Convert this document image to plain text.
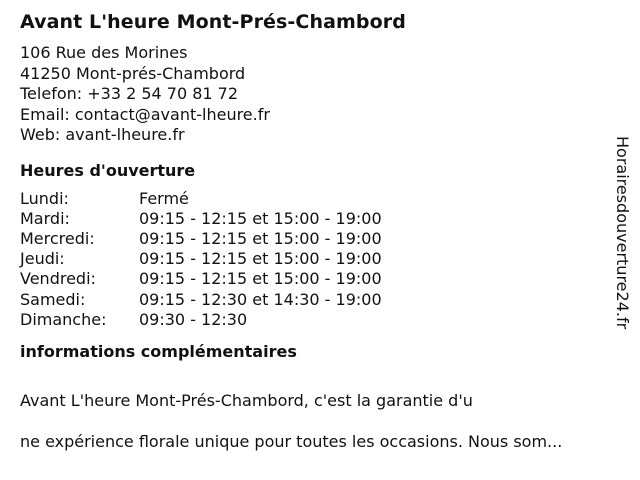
Avant L'heure Mont-Prés-Chambord
106 Rue des Morines
41250 Mont-prés-Chambord
Telefon: +33 2 54 70 81 72
Email: contact@avant-lheure.fr
Web: avant-lheure.fr
Heures d'ouverture
Lundi:	Fermé
Mardi:	09:15 - 12:15 et 15:00 - 19:00
Mercredi:	09:15 - 12:15 et 15:00 - 19:00
Jeudi:	09:15 - 12:15 et 15:00 - 19:00
Vendredi:	09:15 - 12:15 et 15:00 - 19:00
Samedi:	09:15 - 12:30 et 14:30 - 19:00
Dimanche:	09:30 - 12:30
informations complémentaires

Avant L'heure Mont-Prés-Chambord, c'est la garantie d'u

ne expérience florale unique pour toutes les occasions. Nous som...

Horairesdouverture24.fr
